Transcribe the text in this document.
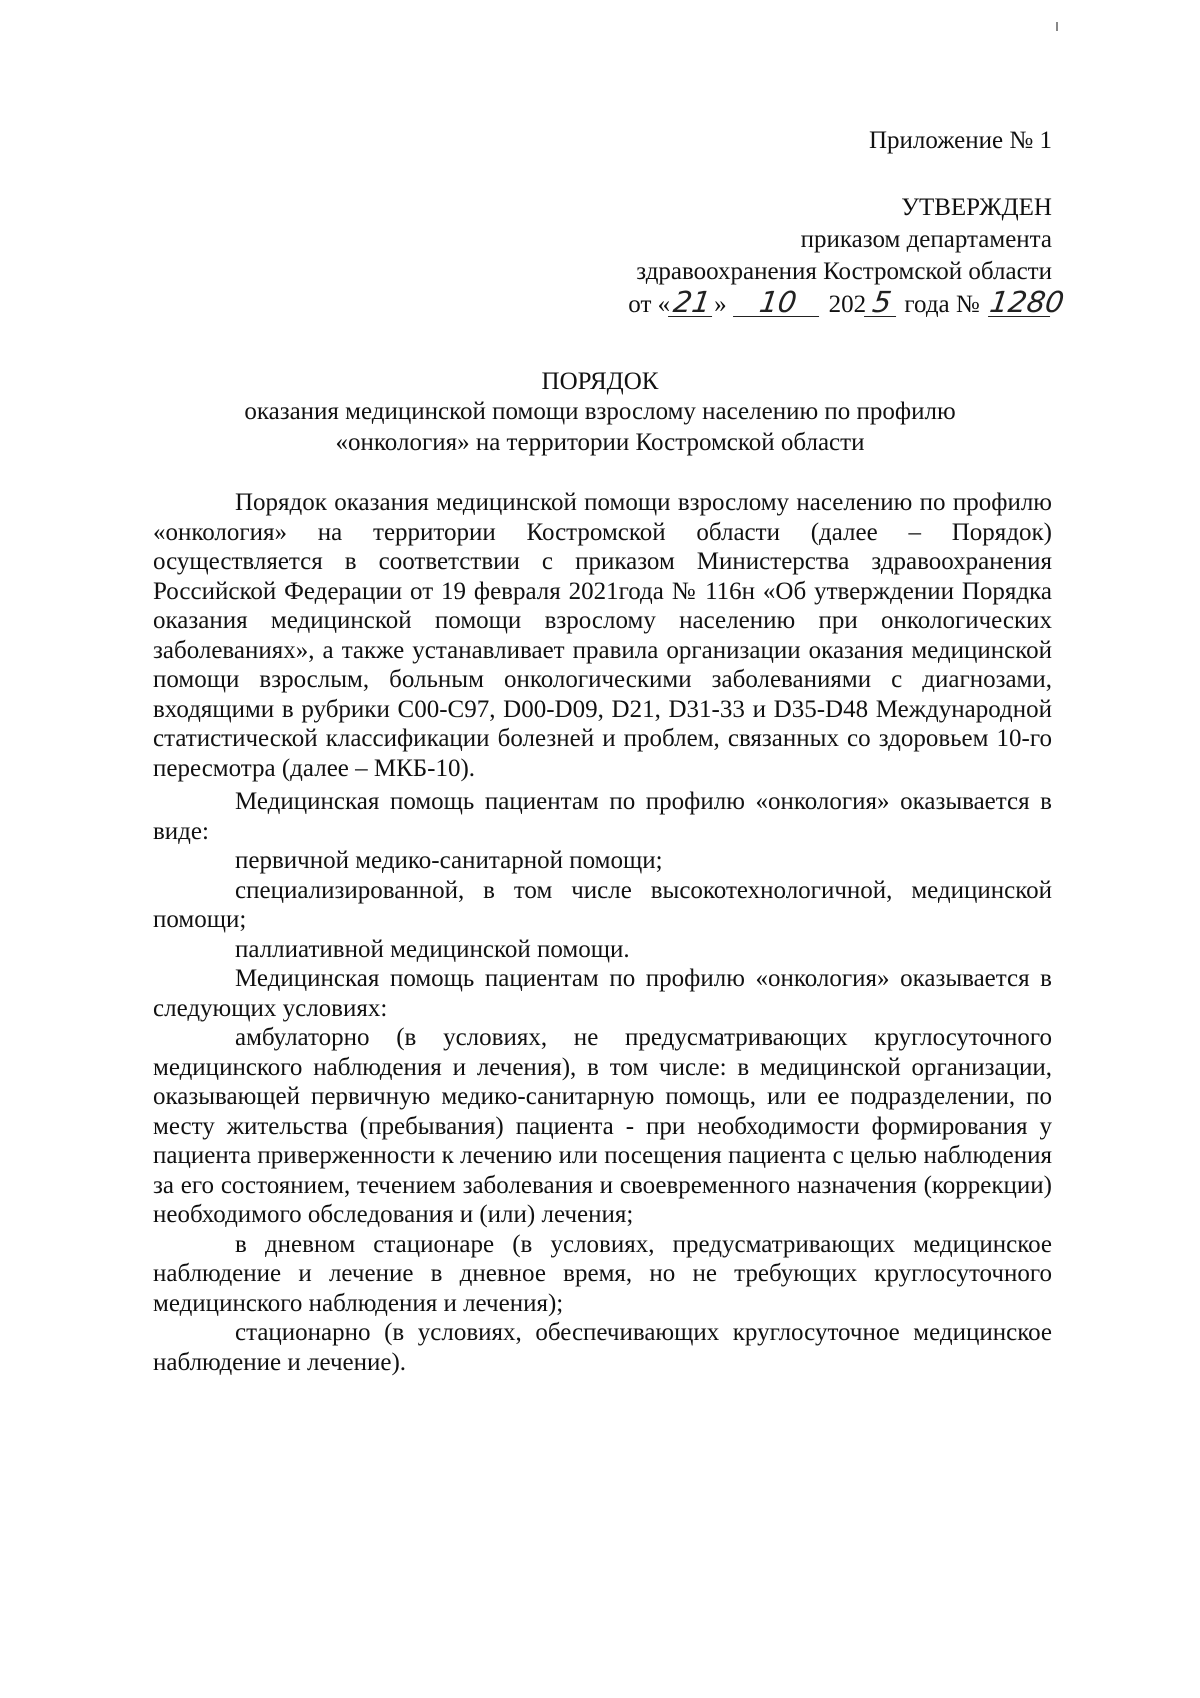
Приложение № 1
УТВЕРЖДЕН
приказом департамента
здравоохранения Костромской области
от «21» 10 202 5 года № 1280
ПОРЯДОК
оказания медицинской помощи взрослому населению по профилю
«онкология» на территории Костромской области

Порядок оказания медицинской помощи взрослому населению по профилю «онкология» на территории Костромской области (далее – Порядок) осуществляется в соответствии с приказом Министерства здравоохранения Российской Федерации от 19 февраля 2021года № 116н «Об утверждении Порядка оказания медицинской помощи взрослому населению при онкологических заболеваниях», а также устанавливает правила организации оказания медицинской помощи взрослым, больным онкологическими заболеваниями с диагнозами, входящими в рубрики С00-С97, D00-D09, D21, D31-33 и D35-D48 Международной статистической классификации болезней и проблем, связанных со здоровьем 10-го пересмотра (далее – МКБ-10).

Медицинская помощь пациентам по профилю «онкология» оказывается в виде:

первичной медико-санитарной помощи;

специализированной, в том числе высокотехнологичной, медицинской помощи;

паллиативной медицинской помощи.

Медицинская помощь пациентам по профилю «онкология» оказывается в следующих условиях:

амбулаторно (в условиях, не предусматривающих круглосуточного медицинского наблюдения и лечения), в том числе: в медицинской организации, оказывающей первичную медико-санитарную помощь, или ее подразделении, по месту жительства (пребывания) пациента - при необходимости формирования у пациента приверженности к лечению или посещения пациента с целью наблюдения за его состоянием, течением заболевания и своевременного назначения (коррекции) необходимого обследования и (или) лечения;

в дневном стационаре (в условиях, предусматривающих медицинское наблюдение и лечение в дневное время, но не требующих круглосуточного медицинского наблюдения и лечения);

стационарно (в условиях, обеспечивающих круглосуточное медицинское наблюдение и лечение).
